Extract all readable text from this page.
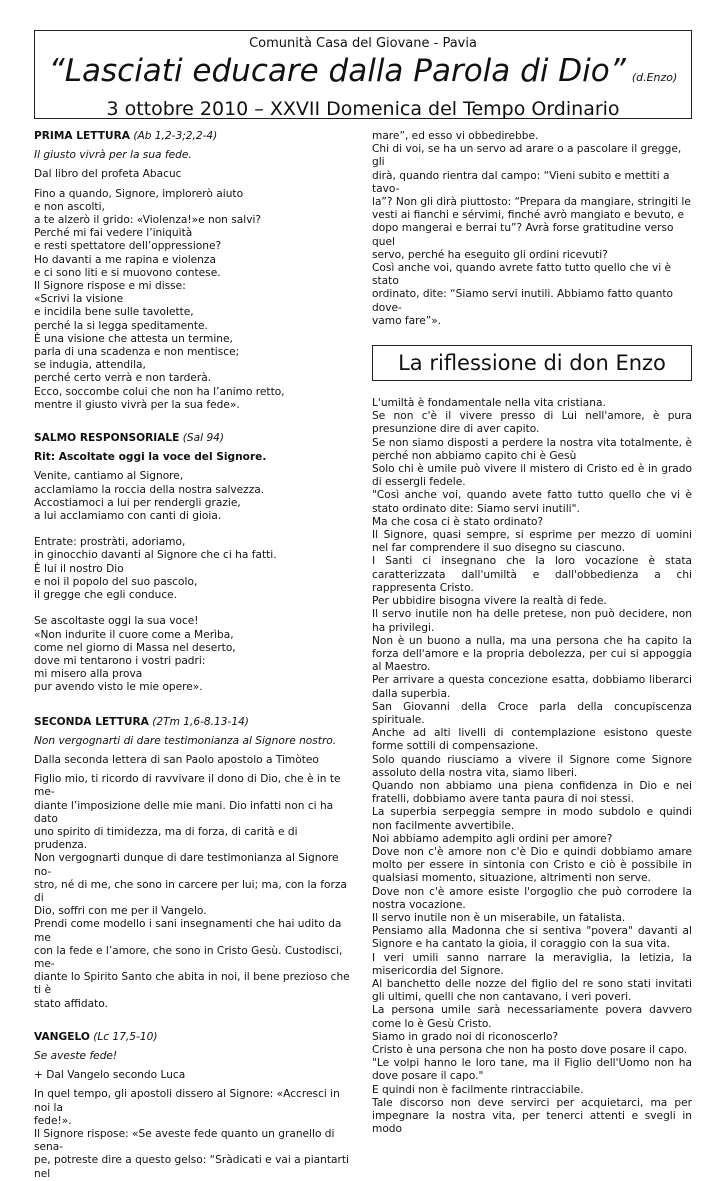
Comunità Casa del Giovane - Pavia
“Lasciati educare dalla Parola di Dio” (d.Enzo)
3 ottobre 2010 – XXVII Domenica del Tempo Ordinario

PRIMA LETTURA (Ab 1,2-3;2,2-4)

Il giusto vivrà per la sua fede.

Dal libro del profeta Abacuc

Fino a quando, Signore, implorerò aiuto
e non ascolti,
a te alzerò il grido: «Violenza!»e non salvi?
Perché mi fai vedere l’iniquità
e resti spettatore dell’oppressione?
Ho davanti a me rapina e violenza
e ci sono liti e si muovono contese.
Il Signore rispose e mi disse:
«Scrivi la visione
e incidila bene sulle tavolette,
perché la si legga speditamente.
È una visione che attesta un termine,
parla di una scadenza e non mentisce;
se indugia, attendila,
perché certo verrà e non tarderà.
Ecco, soccombe colui che non ha l’animo retto,
mentre il giusto vivrà per la sua fede».

SALMO RESPONSORIALE (Sal 94)

Rit: Ascoltate oggi la voce del Signore.

Venite, cantiamo al Signore,
acclamiamo la roccia della nostra salvezza.
Accostiamoci a lui per rendergli grazie,
a lui acclamiamo con canti di gioia.
Entrate: prostràti, adoriamo,
in ginocchio davanti al Signore che ci ha fatti.
È lui il nostro Dio
e noi il popolo del suo pascolo,
il gregge che egli conduce.
Se ascoltaste oggi la sua voce!
«Non indurite il cuore come a Merìba,
come nel giorno di Massa nel deserto,
dove mi tentarono i vostri padri:
mi misero alla prova
pur avendo visto le mie opere».

SECONDA LETTURA (2Tm 1,6-8.13-14)

Non vergognarti di dare testimonianza al Signore nostro.

Dalla seconda lettera di san Paolo apostolo a Timòteo

Figlio mio, ti ricordo di ravvivare il dono di Dio, che è in te me-
diante l’imposizione delle mie mani. Dio infatti non ci ha dato
uno spirito di timidezza, ma di forza, di carità e di prudenza.
Non vergognarti dunque di dare testimonianza al Signore no-
stro, né di me, che sono in carcere per lui; ma, con la forza di
Dio, soffri con me per il Vangelo.
Prendi come modello i sani insegnamenti che hai udito da me
con la fede e l’amore, che sono in Cristo Gesù. Custodisci, me-
diante lo Spirito Santo che abita in noi, il bene prezioso che ti è
stato affidato.

VANGELO (Lc 17,5-10)

Se aveste fede!

+ Dal Vangelo secondo Luca

In quel tempo, gli apostoli dissero al Signore: «Accresci in noi la
fede!».
Il Signore rispose: «Se aveste fede quanto un granello di sena-
pe, potreste dire a questo gelso: “Sràdicati e vai a piantarti nel

mare”, ed esso vi obbedirebbe.

Chi di voi, se ha un servo ad arare o a pascolare il gregge, gli

dirà, quando rientra dal campo: “Vieni subito e mettiti a tavo-

la”? Non gli dirà piuttosto: “Prepara da mangiare, stringiti le

vesti ai fianchi e sérvimi, finché avrò mangiato e bevuto, e

dopo mangerai e berrai tu”? Avrà forse gratitudine verso quel

servo, perché ha eseguito gli ordini ricevuti?

Così anche voi, quando avrete fatto tutto quello che vi è stato

ordinato, dite: “Siamo servi inutili. Abbiamo fatto quanto dove-

vamo fare”».

La riflessione di don Enzo

L'umiltà è fondamentale nella vita cristiana.

Se non c'è il vivere presso di Lui nell'amore, è pura presunzione dire di aver capito.

Se non siamo disposti a perdere la nostra vita totalmente, è perché non abbiamo capito chi è Gesù

Solo chi è umile può vivere il mistero di Cristo ed è in grado di essergli fedele.

"Così anche voi, quando avete fatto tutto quello che vi è stato ordinato dite: Siamo servi inutili".

Ma che cosa ci è stato ordinato?

Il Signore, quasi sempre, si esprime per mezzo di uomini nel far comprendere il suo disegno su ciascuno.

I Santi ci insegnano che la loro vocazione è stata caratterizzata dall'umiltà e dall'obbedienza a chi rappresenta Cristo.

Per ubbidire bisogna vivere la realtà di fede.

Il servo inutile non ha delle pretese, non può decidere, non ha privilegi.

Non è un buono a nulla, ma una persona che ha capito la forza dell'amore e la propria debolezza, per cui si appoggia al Maestro.

Per arrivare a questa concezione esatta, dobbiamo liberarci dalla superbia.

San Giovanni della Croce parla della concupiscenza spirituale.

Anche ad alti livelli di contemplazione esistono queste forme sottili di compensazione.

Solo quando riusciamo a vivere il Signore come Signore assoluto della nostra vita, siamo liberi.

Quando non abbiamo una piena confidenza in Dio e nei fratelli, dobbiamo avere tanta paura di noi stessi.

La superbia serpeggia sempre in modo subdolo e quindi non facilmente avvertibile.

Noi abbiamo adempito agli ordini per amore?

Dove non c'è amore non c'è Dio e quindi dobbiamo amare molto per essere in sintonia con Cristo e ciò è possibile in qualsiasi momento, situazione, altrimenti non serve.

Dove non c'è amore esiste l'orgoglio che può corrodere la nostra vocazione.

Il servo inutile non è un miserabile, un fatalista.

Pensiamo alla Madonna che si sentiva "povera" davanti al Signore e ha cantato la gioia, il coraggio con la sua vita.

I veri umili sanno narrare la meraviglia, la letizia, la misericordia del Signore.

Al banchetto delle nozze del figlio del re sono stati invitati gli ultimi, quelli che non cantavano, i veri poveri.

La persona umile sarà necessariamente povera davvero come lo è Gesù Cristo.

Siamo in grado noi di riconoscerlo?

Cristo è una persona che non ha posto dove posare il capo.

"Le volpi hanno le loro tane, ma il Figlio dell'Uomo non ha dove posare il capo."

E quindi non è facilmente rintracciabile.

Tale discorso non deve servirci per acquietarci, ma per impegnare la nostra vita, per tenerci attenti e svegli in modo
